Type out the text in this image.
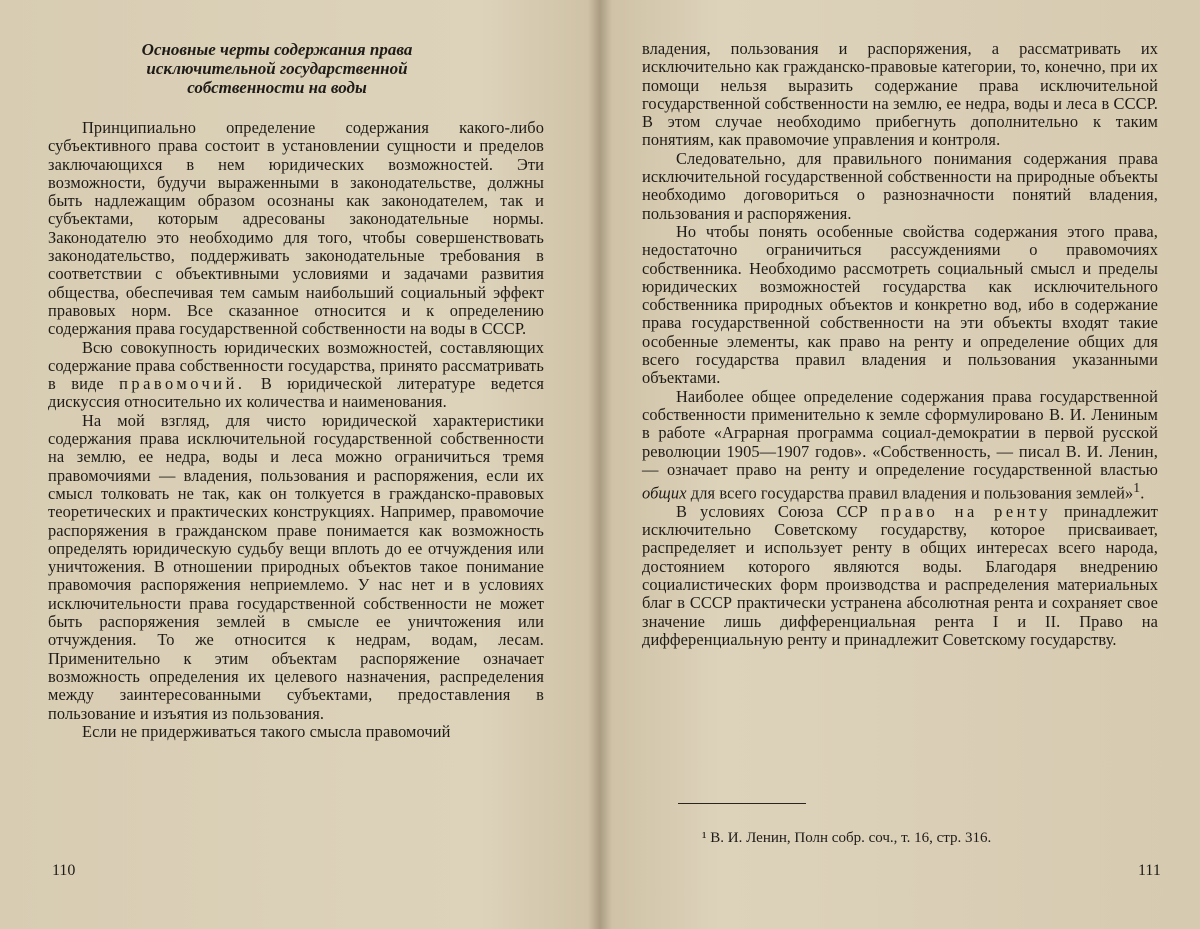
Основные черты содержания права
исключительной государственной
собственности на воды

Принципиально определение содержания какого-либо субъективного права состоит в установлении сущности и пределов заключающихся в нем юридических возможностей. Эти возможности, будучи выраженными в законодательстве, должны быть надлежащим образом осознаны как законодателем, так и субъектами, которым адресованы законодательные нормы. Законодателю это необходимо для того, чтобы совершенствовать законодательство, поддерживать законодательные требования в соответствии с объективными условиями и задачами развития общества, обеспечивая тем самым наибольший социальный эффект правовых норм. Все сказанное относится и к определению содержания права государственной собственности на воды в СССР.

Всю совокупность юридических возможностей, составляющих содержание права собственности государства, принято рассматривать в виде правомочий. В юридической литературе ведется дискуссия относительно их количества и наименования.

На мой взгляд, для чисто юридической характеристики содержания права исключительной государственной собственности на землю, ее недра, воды и леса можно ограничиться тремя правомочиями — владения, пользования и распоряжения, если их смысл толковать не так, как он толкуется в гражданско-правовых теоретических и практических конструкциях. Например, правомочие распоряжения в гражданском праве понимается как возможность определять юридическую судьбу вещи вплоть до ее отчуждения или уничтожения. В отношении природных объектов такое понимание правомочия распоряжения неприемлемо. У нас нет и в условиях исключительности права государственной собственности не может быть распоряжения землей в смысле ее уничтожения или отчуждения. То же относится к недрам, водам, лесам. Применительно к этим объектам распоряжение означает возможность определения их целевого назначения, распределения между заинтересованными субъектами, предоставления в пользование и изъятия из пользования.

Если не придерживаться такого смысла правомочий

110

владения, пользования и распоряжения, а рассматривать их исключительно как гражданско-правовые категории, то, конечно, при их помощи нельзя выразить содержание права исключительной государственной собственности на землю, ее недра, воды и леса в СССР. В этом случае необходимо прибегнуть дополнительно к таким понятиям, как правомочие управления и контроля.

Следовательно, для правильного понимания содержания права исключительной государственной собственности на природные объекты необходимо договориться о разнозначности понятий владения, пользования и распоряжения.

Но чтобы понять особенные свойства содержания этого права, недостаточно ограничиться рассуждениями о правомочиях собственника. Необходимо рассмотреть социальный смысл и пределы юридических возможностей государства как исключительного собственника природных объектов и конкретно вод, ибо в содержание права государственной собственности на эти объекты входят такие особенные элементы, как право на ренту и определение общих для всего государства правил владения и пользования указанными объектами.

Наиболее общее определение содержания права государственной собственности применительно к земле сформулировано В. И. Лениным в работе «Аграрная программа социал-демократии в первой русской революции 1905—1907 годов». «Собственность, — писал В. И. Ленин, — означает право на ренту и определение государственной властью общих для всего государства правил владения и пользования землей»$^1$.

В условиях Союза ССР право на ренту принадлежит исключительно Советскому государству, которое присваивает, распределяет и использует ренту в общих интересах всего народа, достоянием которого являются воды. Благодаря внедрению социалистических форм производства и распределения материальных благ в СССР практически устранена абсолютная рента и сохраняет свое значение лишь дифференциальная рента I и II. Право на дифференциальную ренту и принадлежит Советскому государству.

¹ В. И. Ленин, Полн собр. соч., т. 16, стр. 316.
111
